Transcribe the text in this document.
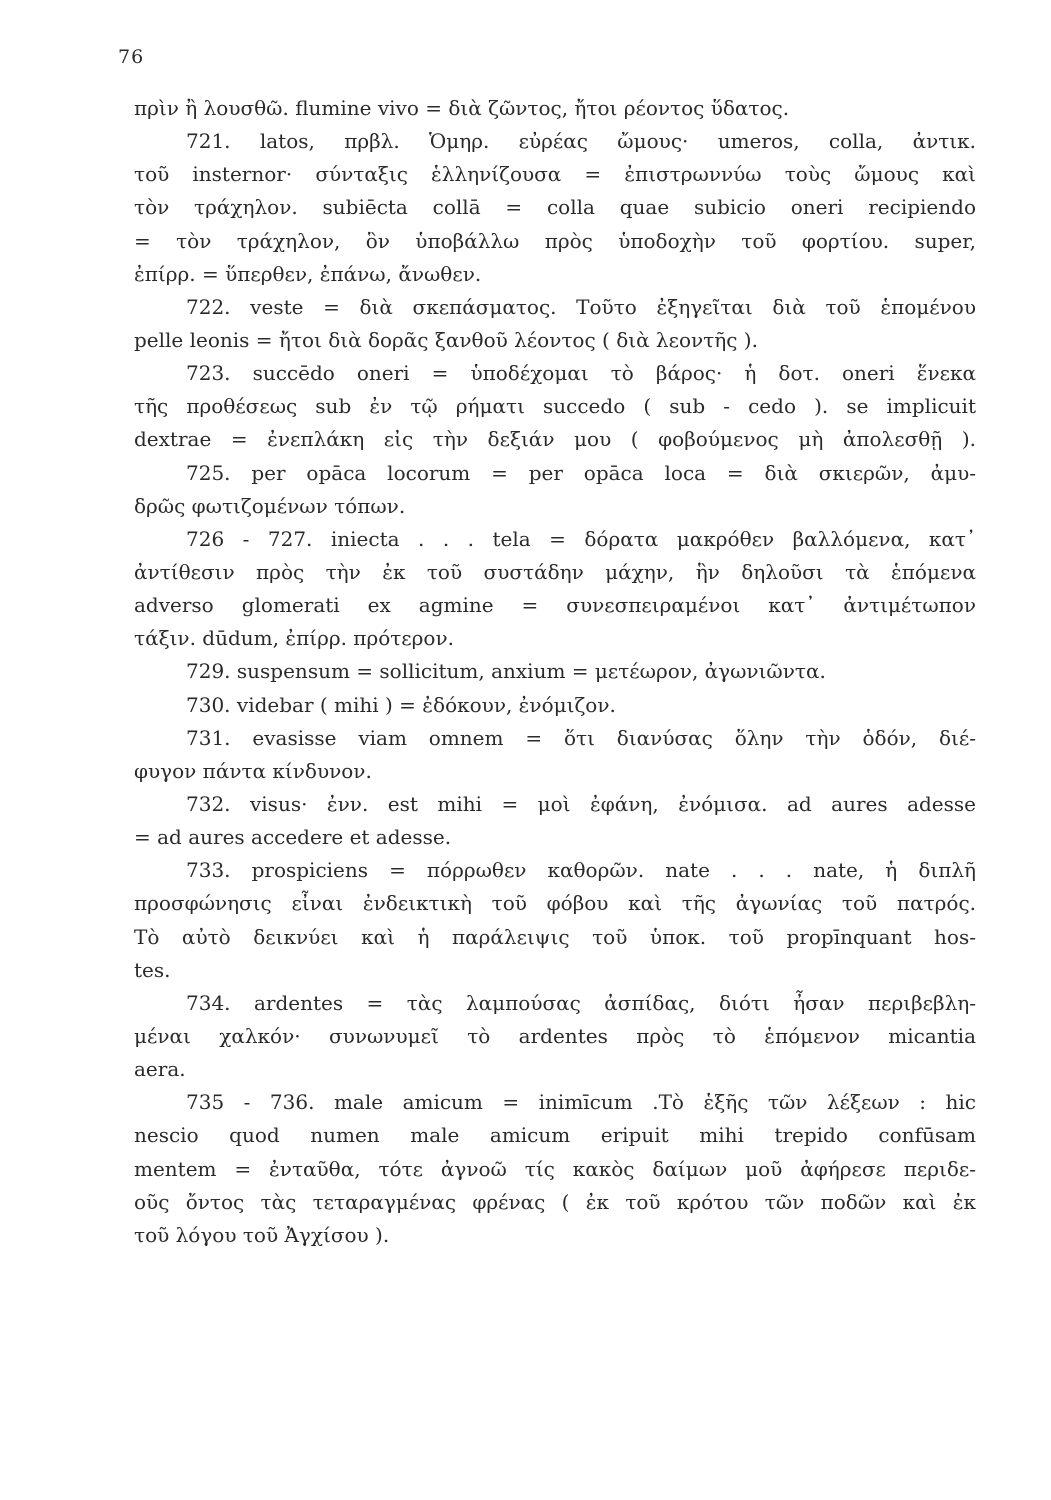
76
πρὶν ἢ λουσθῶ. flumine vivo = διὰ ζῶντος, ἤτοι ρέοντος ὕδατος.
721. latos, πρβλ. Ὁμηρ. εὐρέας ὤμους· umeros, colla, ἀντικ.
τοῦ insternor· σύνταξις ἑλληνίζουσα = ἐπιστρωννύω τοὺς ὤμους καὶ
τὸν τράχηλον. subiēcta collā = colla quae subicio oneri recipiendo
= τὸν τράχηλον, ὃν ὑποβάλλω πρὸς ὑποδοχὴν τοῦ φορτίου. super,
ἐπίρρ. = ὕπερθεν, ἐπάνω, ἄνωθεν.
722. veste = διὰ σκεπάσματος. Τοῦτο ἐξηγεῖται διὰ τοῦ ἑπομένου
pelle leonis = ἤτοι διὰ δορᾶς ξανθοῦ λέοντος ( διὰ λεοντῆς ).
723. succēdo oneri = ὑποδέχομαι τὸ βάρος· ἡ δοτ. oneri ἕνεκα
τῆς προθέσεως sub ἐν τῷ ρήματι succedo ( sub - cedo ). se implicuit
dextrae = ἐνεπλάκη εἰς τὴν δεξιάν μου ( φοβούμενος μὴ ἀπολεσθῇ ).
725. per opāca locorum = per opāca loca = διὰ σκιερῶν, ἀμυ-
δρῶς φωτιζομένων τόπων.
726 - 727. iniecta . . . tela = δόρατα μακρόθεν βαλλόμενα, κατ᾽
ἀντίθεσιν πρὸς τὴν ἐκ τοῦ συστάδην μάχην, ἣν δηλοῦσι τὰ ἑπόμενα
adverso glomerati ex agmine = συνεσπειραμένοι κατ᾽ ἀντιμέτωπον
τάξιν. dūdum, ἐπίρρ. πρότερον.
729. suspensum = sollicitum, anxium = μετέωρον, ἀγωνιῶντα.
730. videbar ( mihi ) = ἐδόκουν, ἐνόμιζον.
731. evasisse viam omnem = ὅτι διανύσας ὅλην τὴν ὁδόν, διέ-
φυγον πάντα κίνδυνον.
732. visus· ἐνν. est mihi = μοὶ ἐφάνη, ἐνόμισα. ad aures adesse
= ad aures accedere et adesse.
733. prospiciens = πόρρωθεν καθορῶν. nate . . . nate, ἡ διπλῆ
προσφώνησις εἶναι ἐνδεικτικὴ τοῦ φόβου καὶ τῆς ἀγωνίας τοῦ πατρός.
Τὸ αὐτὸ δεικνύει καὶ ἡ παράλειψις τοῦ ὑποκ. τοῦ propīnquant hos-
tes.
734. ardentes = τὰς λαμπούσας ἀσπίδας, διότι ἦσαν περιβεβλη-
μέναι χαλκόν· συνωνυμεῖ τὸ ardentes πρὸς τὸ ἑπόμενον micantia
aera.
735 - 736. male amicum = inimīcum .Τὸ ἑξῆς τῶν λέξεων : hic
nescio quod numen male amicum eripuit mihi trepido confūsam
mentem = ἐνταῦθα, τότε ἀγνοῶ τίς κακὸς δαίμων μοῦ ἀφήρεσε περιδε-
οῦς ὄντος τὰς τεταραγμένας φρένας ( ἐκ τοῦ κρότου τῶν ποδῶν καὶ ἐκ
τοῦ λόγου τοῦ Ἀγχίσου ).
